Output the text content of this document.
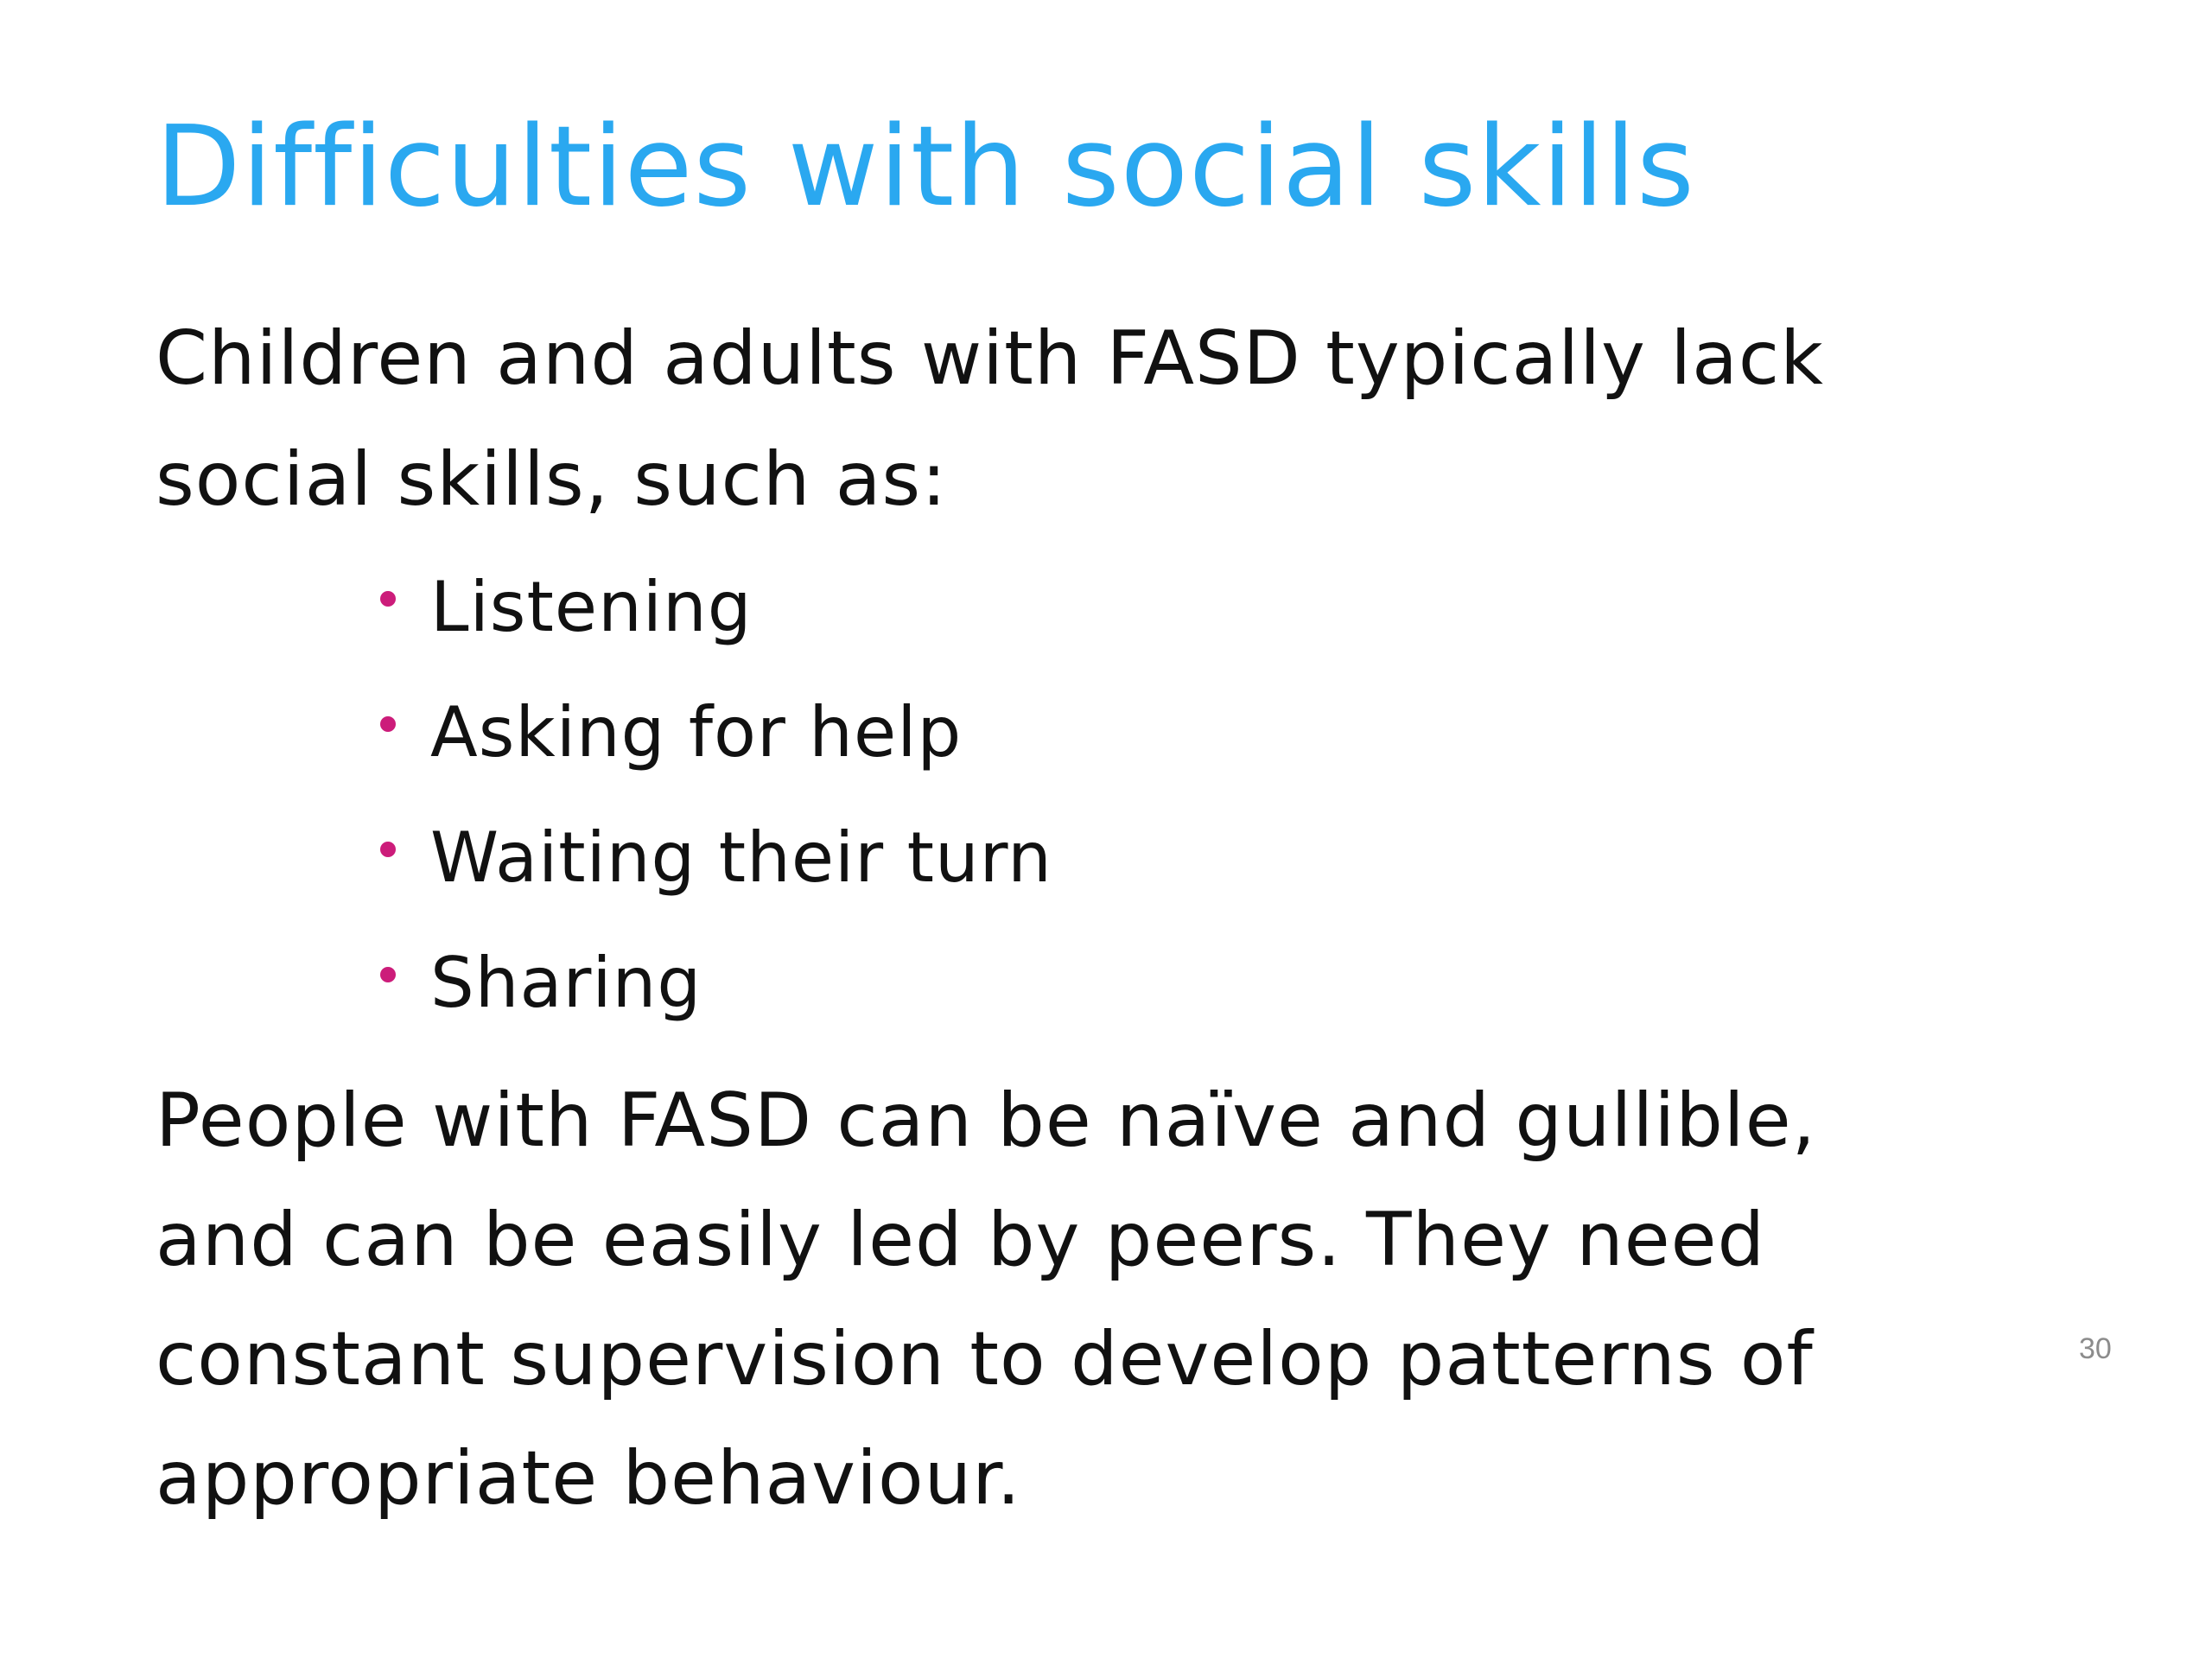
Difficulties with social skills

Children and adults with FASD typically lack
social skills, such as:

Listening
Asking for help
Waiting their turn
Sharing

People with FASD can be naïve and gullible,
and can be easily led by peers. They need
constant supervision to develop patterns of
appropriate behaviour.

30
